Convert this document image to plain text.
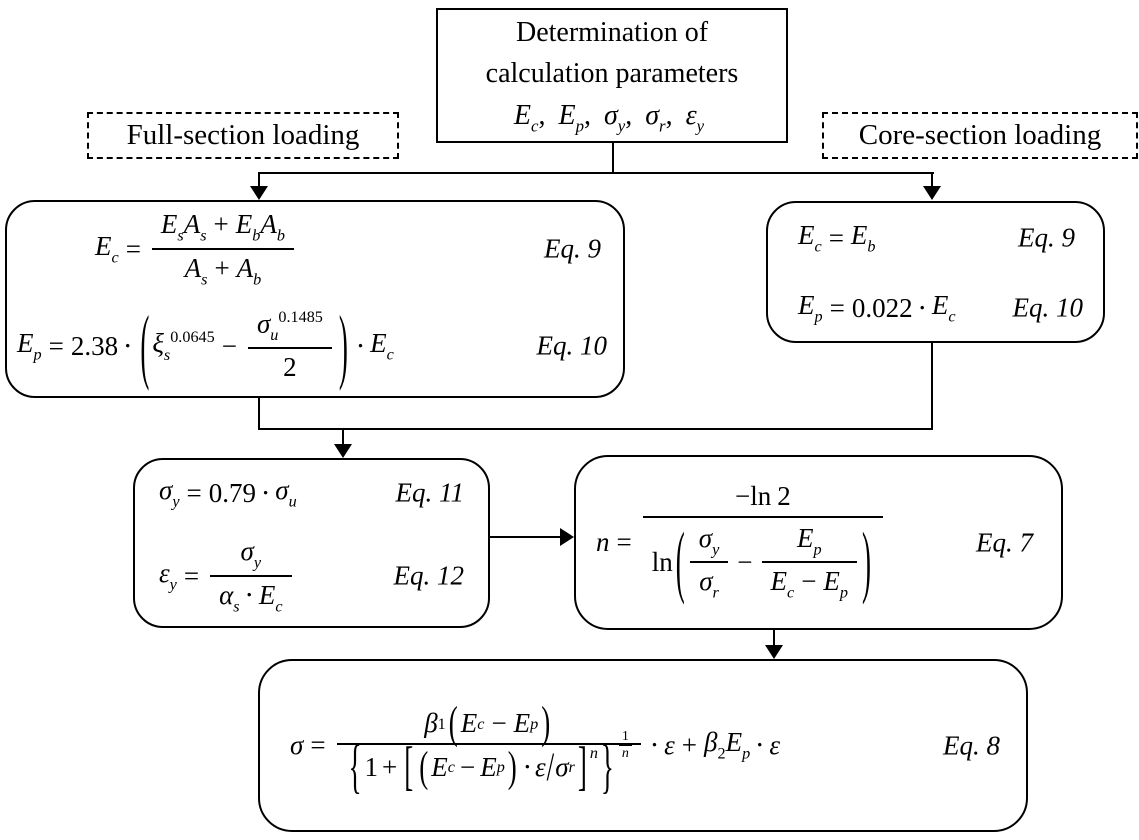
Determination of
calculation parameters
$E_c$, $E_p$, $\sigma_y$, $\sigma_r$, $\varepsilon_y$
Full-section loading	Core-section loading
$E_c = \frac{E_sA_s + E_bA_b}{A_s + A_b}$	Eq. 9
$E_p = 2.38$ ⋅ ( $\xi_s^{0.0645} - \frac{\sigma_u^{0.1485}}{2}$ ) ⋅ $E_c$	Eq. 10
$E_c = E_b$	Eq. 9
$E_p = 0.022 \cdot E_c$ Eq. 10
$\sigma_y = 0.79 \cdot \sigma_u$	Eq. 11
$\varepsilon_y = \frac{\sigma_y}{\alpha_s \cdot E_c}$	Eq. 12
n =
−ln 2
ln ( $\frac{\sigma_y}{\sigma_r} - \frac{E_p}{E_c - E_p}$ )	Eq. 7
σ =
β 1 ( E c − E p )
{ 1 + [ ( E c − E p ) ⋅ ε / σ r ] n } 1
$n \cdot \varepsilon + \beta_2E_p \cdot \varepsilon$	Eq. 8
